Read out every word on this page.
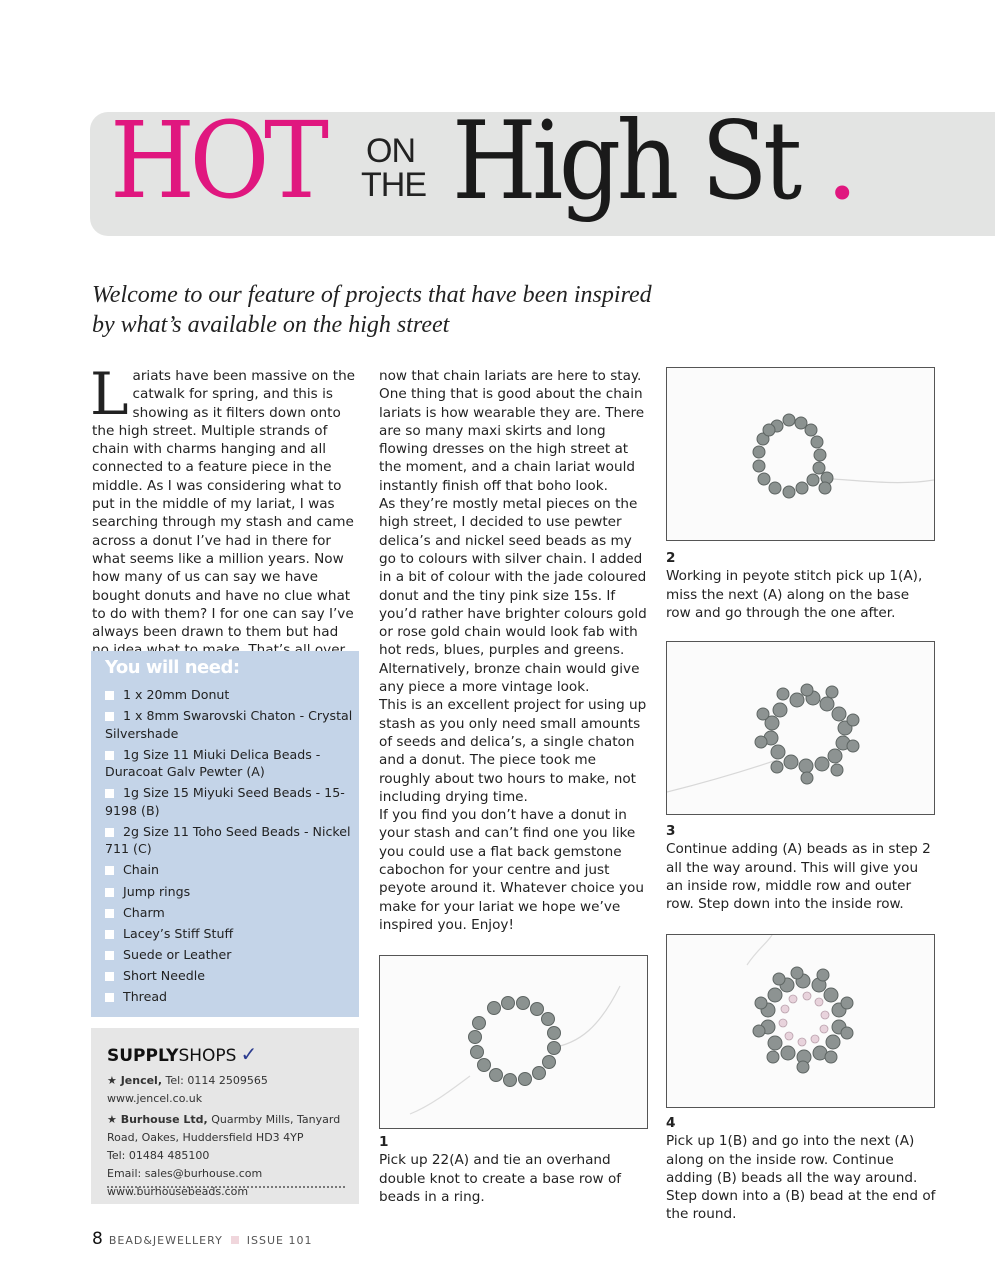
HOT ON
THE High St .
Welcome to our feature of projects that have been inspired by what’s available on the high street
L ariats have been massive on the catwalk for spring, and this is showing as it filters down onto the high street. Multiple strands of chain with charms hanging and all connected to a feature piece in the middle. As I was considering what to put in the middle of my lariat, I was searching through my stash and came across a donut I’ve had in there for what seems like a million years. Now how many of us can say we have bought donuts and have no clue what to do with them? I for one can say I’ve always been drawn to them but had

now that chain lariats are here to stay. One thing that is good about the chain lariats is how wearable they are. There are so many maxi skirts and long flowing dresses on the high street at the moment, and a chain lariat would instantly finish off that boho look.

As they’re mostly metal pieces on the high street, I decided to use pewter delica’s and nickel seed beads as my go to colours with silver chain. I added in a bit of colour with the jade coloured donut and the tiny pink size 15s. If you’d rather have brighter colours gold or rose gold chain would look fab with hot reds, blues, purples and greens. Alternatively, bronze chain would give any piece a more vintage look.

This is an excellent project for using up stash as you only need small amounts of seeds and delica’s, a single chaton and a donut. The piece took me roughly about two hours to make, not including drying time.

If you find you don’t have a donut in your stash and can’t find one you like you could use a flat back gemstone cabochon for your centre and just peyote around it. Whatever choice you make for your lariat we hope we’ve inspired you. Enjoy!

You will need:
1 x 20mm Donut
1 x 8mm Swarovski Chaton - Crystal Silvershade
1g Size 11 Miuki Delica Beads - Duracoat Galv Pewter (A)
1g Size 15 Miyuki Seed Beads - 15-9198 (B)
2g Size 11 Toho Seed Beads - Nickel 711 (C)
Chain
Jump rings
Charm
Lacey’s Stiff Stuff
Suede or Leather
Short Needle
Thread
SUPPLYSHOPS ✓

★ Jencel, Tel: 0114 2509565 www.jencel.co.uk

★ Burhouse Ltd, Quarmby Mills, Tanyard Road, Oakes, Huddersfield HD3 4YP
Tel: 01484 485100
Email: sales@burhouse.com
www.burhousebeads.com

2
Working in peyote stitch pick up 1(A), miss the next (A) along on the base row and go through the one after.
3
Continue adding (A) beads as in step 2 all the way around. This will give you an inside row, middle row and outer row. Step down into the inside row.
4
Pick up 1(B) and go into the next (A) along on the inside row. Continue adding (B) beads all the way around. Step down into a (B) bead at the end of the round.
1
Pick up 22(A) and tie an overhand double knot to create a base row of beads in a ring.
8 BEAD&JEWELLERY ISSUE 101
